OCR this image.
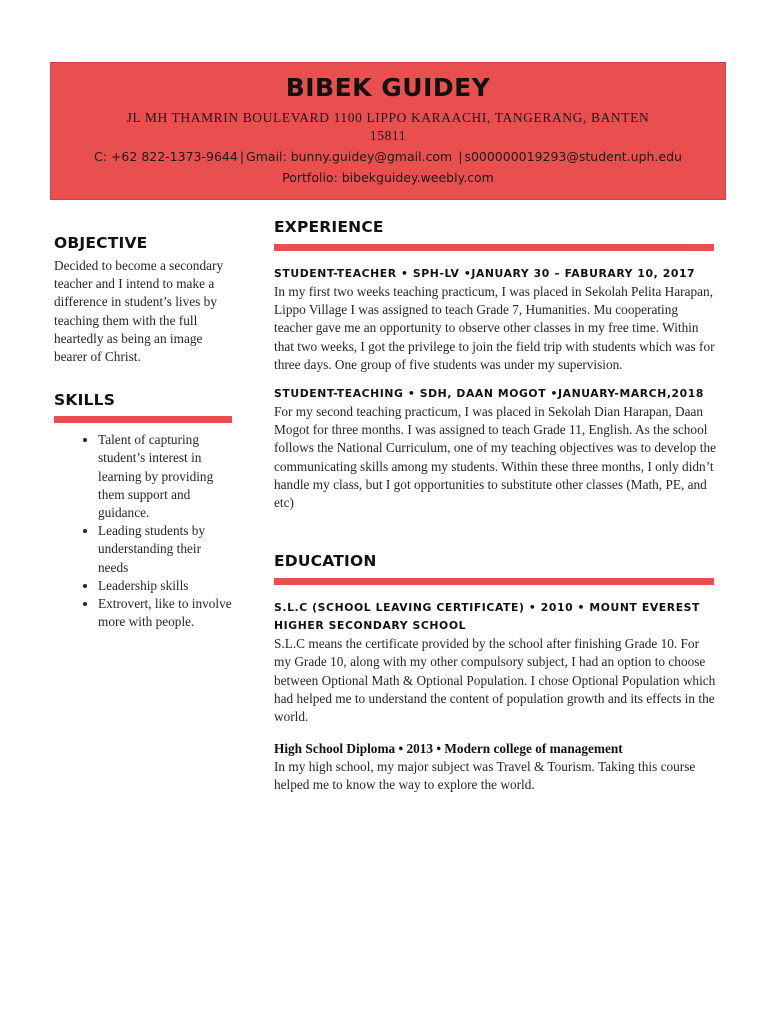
BIBEK GUIDEY
JL MH THAMRIN BOULEVARD 1100 LIPPO KARAACHI, TANGERANG, BANTEN 15811
C: +62 822-1373-9644 | Gmail: bunny.guidey@gmail.com | s000000019293@student.uph.edu
Portfolio: bibekguidey.weebly.com
OBJECTIVE
Decided to become a secondary teacher and I intend to make a difference in student’s lives by teaching them with the full heartedly as being an image bearer of Christ.
SKILLS
• Talent of capturing student’s interest in learning by providing them support and guidance.
• Leading students by understanding their needs
• Leadership skills
• Extrovert, like to involve more with people.
EXPERIENCE
STUDENT-TEACHER • SPH-LV •JANUARY 30 – FABURARY 10, 2017
In my first two weeks teaching practicum, I was placed in Sekolah Pelita Harapan, Lippo Village I was assigned to teach Grade 7, Humanities. Mu cooperating teacher gave me an opportunity to observe other classes in my free time. Within that two weeks, I got the privilege to join the field trip with students which was for three days. One group of five students was under my supervision.
STUDENT-TEACHING • SDH, DAAN MOGOT •JANUARY-MARCH,2018
For my second teaching practicum, I was placed in Sekolah Dian Harapan, Daan Mogot for three months. I was assigned to teach Grade 11, English. As the school follows the National Curriculum, one of my teaching objectives was to develop the communicating skills among my students. Within these three months, I only didn’t handle my class, but I got opportunities to substitute other classes (Math, PE, and etc)
EDUCATION
S.L.C (SCHOOL LEAVING CERTIFICATE) • 2010 • MOUNT EVEREST HIGHER SECONDARY SCHOOL
S.L.C means the certificate provided by the school after finishing Grade 10. For my Grade 10, along with my other compulsory subject, I had an option to choose between Optional Math & Optional Population. I chose Optional Population which had helped me to understand the content of population growth and its effects in the world.
High School Diploma • 2013 • Modern college of management
In my high school, my major subject was Travel & Tourism. Taking this course helped me to know the way to explore the world.
